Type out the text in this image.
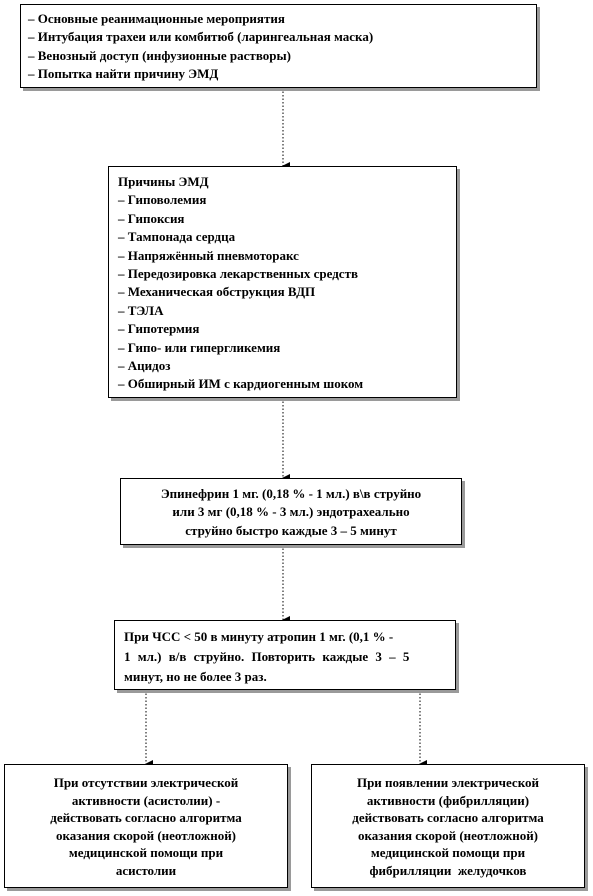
– Основные реанимационные мероприятия
– Интубация трахеи или комбитюб (ларингеальная маска)
– Венозный доступ (инфузионные растворы)
– Попытка найти причину ЭМД
Причины ЭМД
– Гиповолемия
– Гипоксия
– Тампонада сердца
– Напряжённый пневмоторакс
– Передозировка лекарственных средств
– Механическая обструкция ВДП
– ТЭЛА
– Гипотермия
– Гипо- или гипергликемия
– Ацидоз
– Обширный ИМ с кардиогенным шоком
Эпинефрин 1 мг. (0,18 % - 1 мл.) в\в струйно
или 3 мг (0,18 % - 3 мл.) эндотрахеально
струйно быстро каждые 3 – 5 минут
При ЧСС < 50 в минуту атропин 1 мг. (0,1 % -
1 мл.) в/в струйно. Повторить каждые 3 – 5
минут, но не более 3 раз.
При отсутствии электрической
активности (асистолии) -
действовать согласно алгоритма
оказания скорой (неотложной)
медицинской помощи при
асистолии
При появлении электрической
активности (фибрилляции)
действовать согласно алгоритма
оказания скорой (неотложной)
медицинской помощи при
фибрилляции  желудочков
